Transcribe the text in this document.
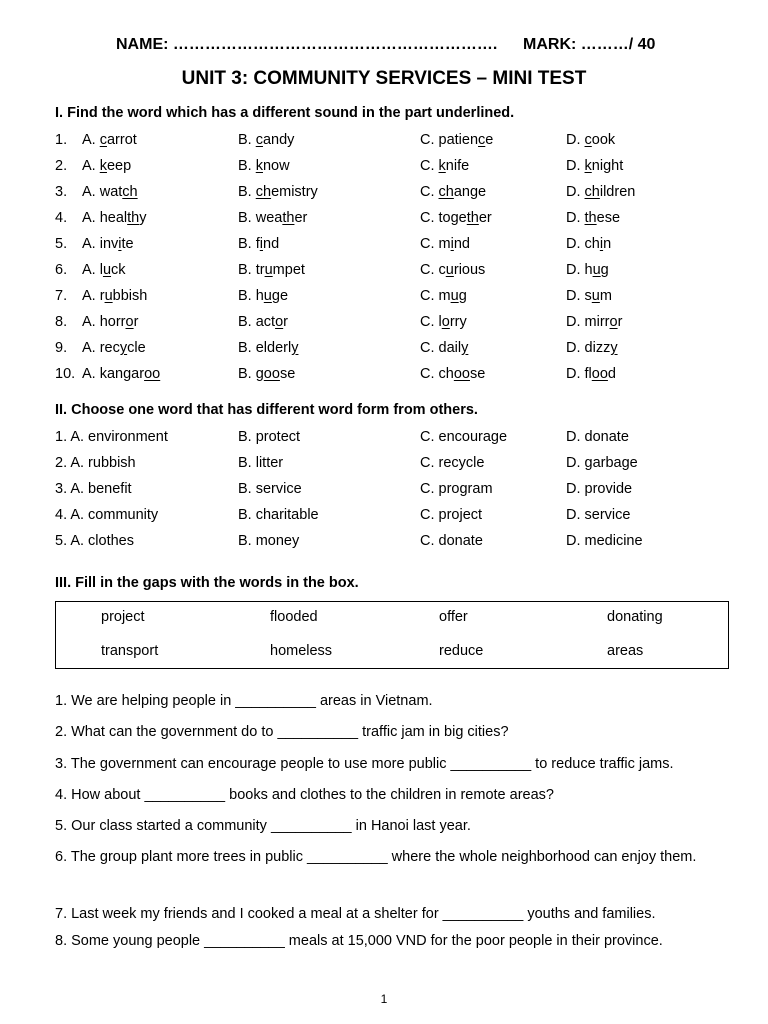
NAME: ……………………………………………………. MARK: ………/ 40
UNIT 3: COMMUNITY SERVICES – MINI TEST
I. Find the word which has a different sound in the part underlined.
1. A. carrot	B. candy	C. patience	D. cook
2. A. keep	B. know	C. knife	D. knight
3. A. watch	B. chemistry	C. change	D. children
4. A. healthy	B. weather	C. together	D. these
5. A. invite	B. find	C. mind	D. chin
6. A. luck	B. trumpet	C. curious	D. hug
7. A. rubbish	B. huge	C. mug	D. sum
8. A. horror	B. actor	C. lorry	D. mirror
9. A. recycle	B. elderly	C. daily	D. dizzy
10. A. kangaroo	B. goose	C. choose	D. flood
II. Choose one word that has different word form from others.
1. A. environment	B. protect	C. encourage	D. donate
2. A. rubbish	B. litter	C. recycle	D. garbage
3. A. benefit	B. service	C. program	D. provide
4. A. community	B. charitable	C. project	D. service
5. A. clothes	B. money	C. donate	D. medicine
III. Fill in the gaps with the words in the box.
project	flooded	offer	donating
transport	homeless	reduce	areas
1. We are helping people in __________ areas in Vietnam.
2. What can the government do to __________ traffic jam in big cities?
3. The government can encourage people to use more public __________ to reduce traffic jams.
4. How about __________ books and clothes to the children in remote areas?
5. Our class started a community __________ in Hanoi last year.
6. The group plant more trees in public __________ where the whole neighborhood can enjoy them.
7. Last week my friends and I cooked a meal at a shelter for __________ youths and families.
8. Some young people __________ meals at 15,000 VND for the poor people in their province.
1
